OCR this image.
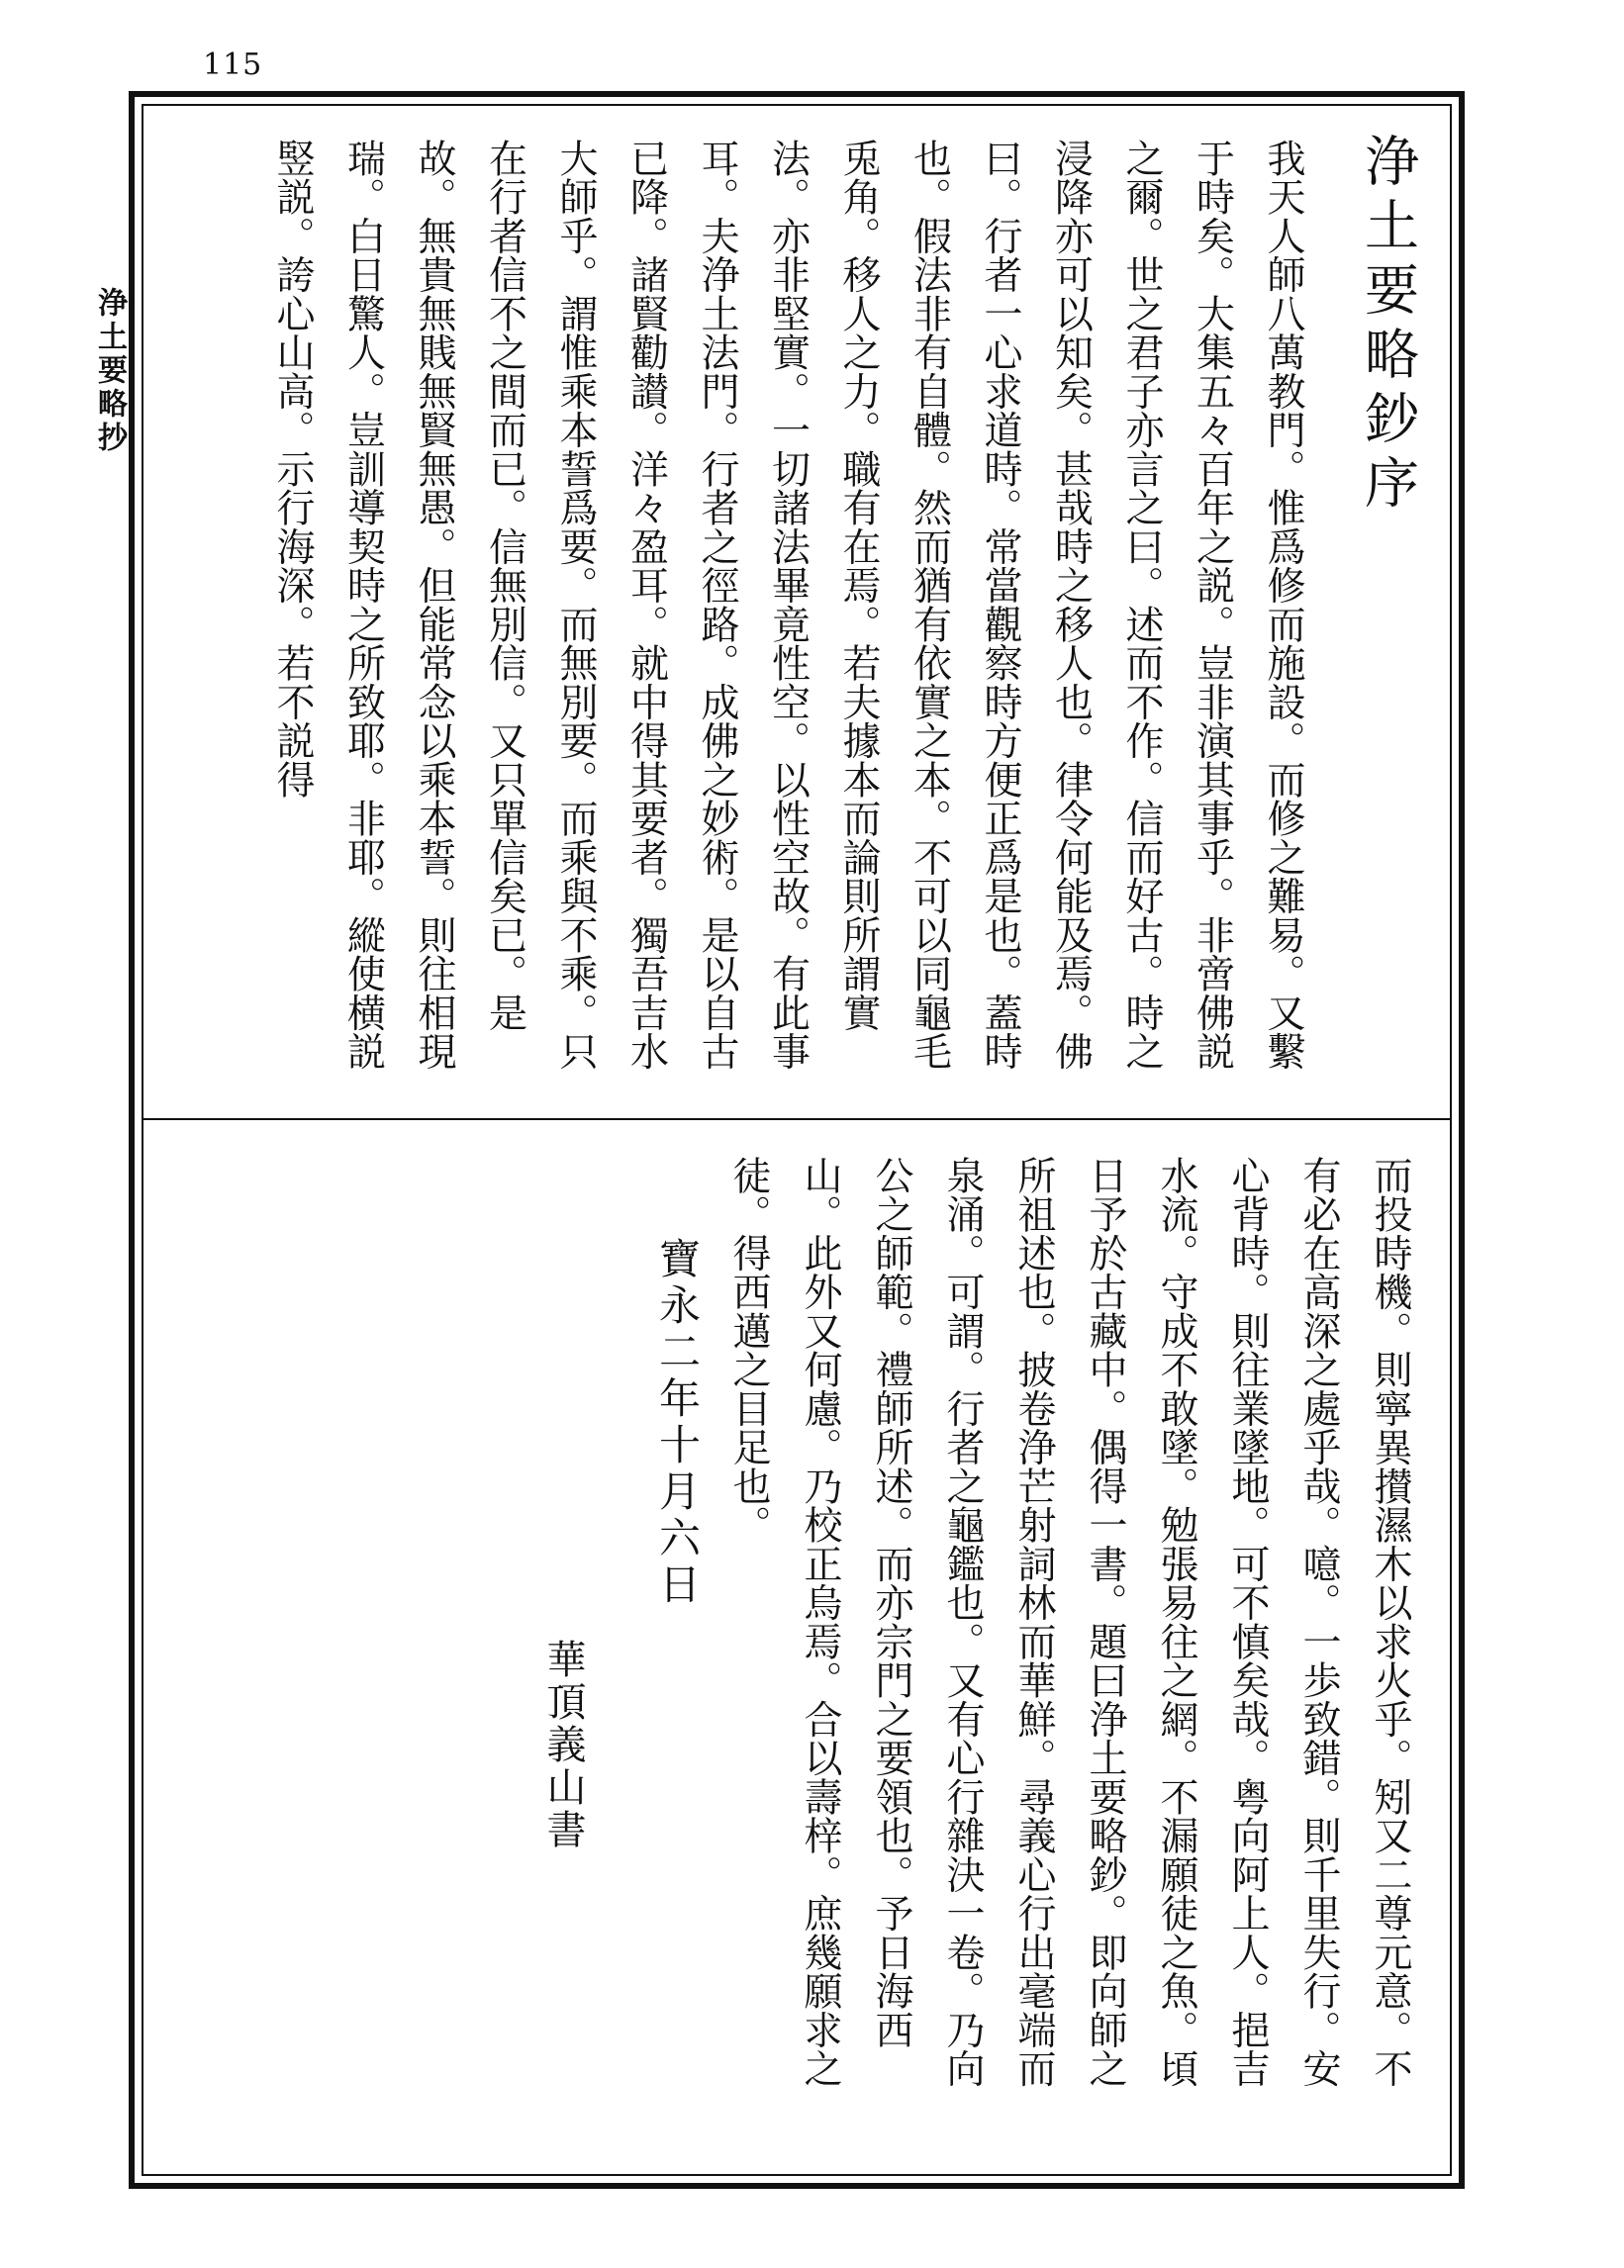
115
浄土要略抄	浄土要略鈔序

我天人師八萬教門。惟爲修而施設。而修之難易。又繫于時矣。大集五々百年之説。豈非演其事乎。非啻佛説之爾。世之君子亦言之曰。述而不作。信而好古。時之浸降亦可以知矣。甚哉時之移人也。律令何能及焉。佛曰。行者一心求道時。常當觀察時方便正爲是也。蓋時也。假法非有自體。然而猶有依實之本。不可以同龜毛兎角。移人之力。職有在焉。若夫據本而論則所謂實法。亦非堅實。一切諸法畢竟性空。以性空故。有此事耳。夫浄土法門。行者之徑路。成佛之妙術。是以自古已降。諸賢勸讃。洋々盈耳。就中得其要者。獨吾吉水大師乎。謂惟乘本誓爲要。而無別要。而乘與不乘。只在行者信不之間而已。信無別信。又只單信矣已。是故。無貴無賎無賢無愚。但能常念以乘本誓。則往相現瑞。白日驚人。豈訓導契時之所致耶。非耶。縱使横説竪説。誇心山高。示行海深。若不説得

而投時機。則寧異攅濕木以求火乎。矧又二尊元意。不有必在高深之處乎哉。噫。一歩致錯。則千里失行。安心背時。則往業墜地。可不慎矣哉。粤向阿上人。挹吉水流。守成不敢墜。勉張易往之網。不漏願徒之魚。頃日予於古藏中。偶得一書。題曰浄土要略鈔。即向師之所祖述也。披卷浄芒射詞林而華鮮。尋義心行出毫端而泉涌。可謂。行者之龜鑑也。又有心行雜決一卷。乃向公之師範。禮師所述。而亦宗門之要領也。予日海西山。此外又何慮。乃校正烏焉。合以壽梓。庶幾願求之徒。得西邁之目足也。

寶永二年十月六日
華頂義山書
